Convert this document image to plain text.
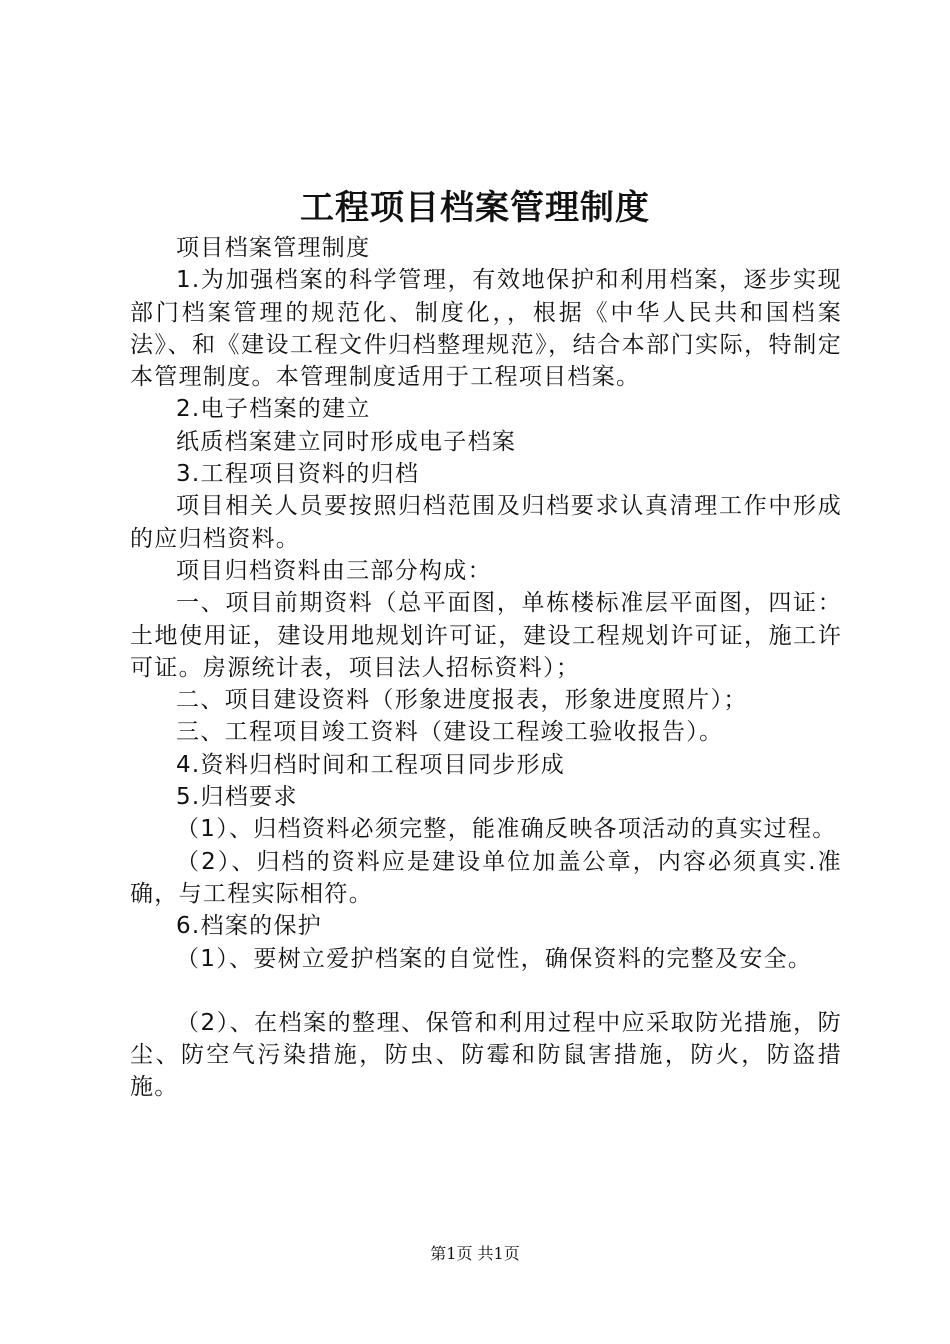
工程项目档案管理制度

项目档案管理制度

1.为加强档案的科学管理，有效地保护和利用档案，逐步实现部门档案管理的规范化、制度化，，根据《中华人民共和国档案法》、和《建设工程文件归档整理规范》，结合本部门实际，特制定本管理制度。本管理制度适用于工程项目档案。

2.电子档案的建立

纸质档案建立同时形成电子档案

3.工程项目资料的归档

项目相关人员要按照归档范围及归档要求认真清理工作中形成的应归档资料。

项目归档资料由三部分构成：

一、项目前期资料（总平面图，单栋楼标准层平面图，四证：土地使用证，建设用地规划许可证，建设工程规划许可证，施工许可证。房源统计表，项目法人招标资料）；

二、项目建设资料（形象进度报表，形象进度照片）；

三、工程项目竣工资料（建设工程竣工验收报告）。

4.资料归档时间和工程项目同步形成

5.归档要求

（1）、归档资料必须完整，能准确反映各项活动的真实过程。

（2）、归档的资料应是建设单位加盖公章，内容必须真实.准确，与工程实际相符。

6.档案的保护

（1）、要树立爱护档案的自觉性，确保资料的完整及安全。

（2）、在档案的整理、保管和利用过程中应采取防光措施，防尘、防空气污染措施，防虫、防霉和防鼠害措施，防火，防盗措施。

第1页 共1页
